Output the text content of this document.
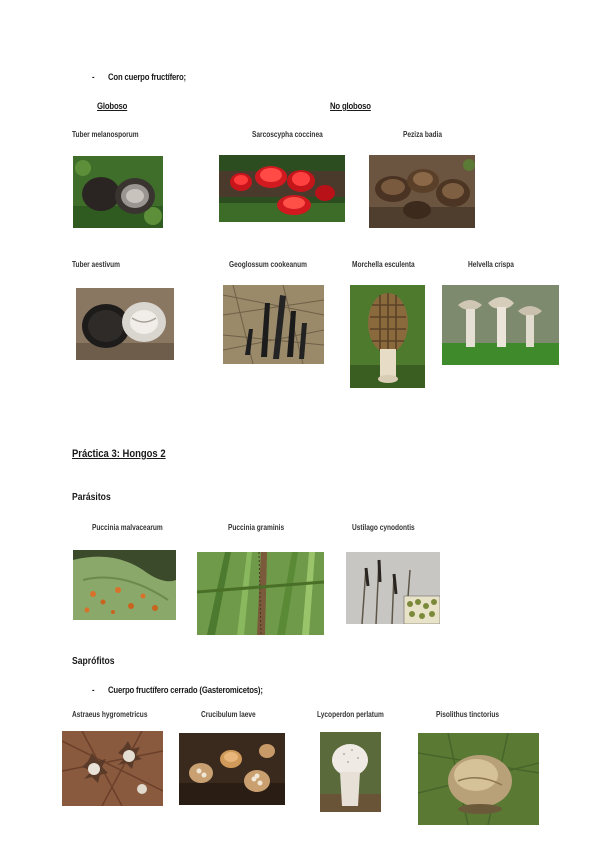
- Con cuerpo fructífero;
Globoso	No globoso
Tuber melanosporum	Sarcoscypha coccinea	Peziza badia
Tuber aestivum	Geoglossum cookeanum	Morchella esculenta	Helvella crispa
Práctica 3: Hongos 2
Parásitos
Puccinia malvacearum	Puccinia graminis	Ustilago cynodontis
Saprófitos
- Cuerpo fructífero cerrado (Gasteromicetos);
Astraeus hygrometricus	Crucibulum laeve	Lycoperdon perlatum	Pisolithus tinctorius
